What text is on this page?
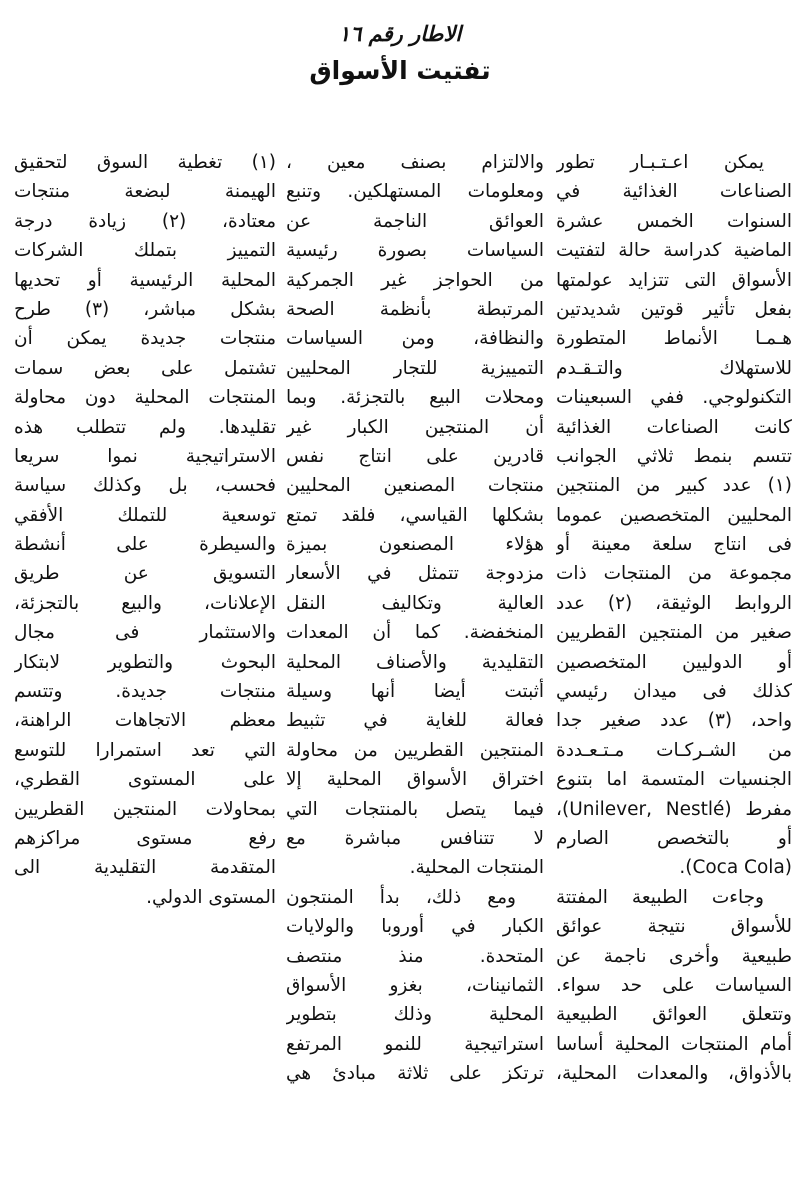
الاطار رقم ١٦
تفتيت الأسواق
يمكن اعـتـبـار تطور
الصناعات الغذائية في
السنوات الخمس عشرة
الماضية كدراسة حالة لتفتيت
الأسواق التى تتزايد عولمتها
بفعل تأثير قوتين شديدتين
هـمـا الأنماط المتطورة
للاستهلاك والتـقـدم
التكنولوجي. ففي السبعينات
كانت الصناعات الغذائية
تتسم بنمط ثلاثي الجوانب
(١) عدد كبير من المنتجين
المحليين المتخصصين عموما
فى انتاج سلعة معينة أو
مجموعة من المنتجات ذات
الروابط الوثيقة، (٢) عدد
صغير من المنتجين القطريين
أو الدوليين المتخصصين
كذلك فى ميدان رئيسي
واحد، (٣) عدد صغير جدا
من الشـركـات مـتـعـددة
الجنسيات المتسمة اما بتنوع
مفرط (Unilever, Nestlé)،
أو بالتخصص الصارم
(Coca Cola).
وجاءت الطبيعة المفتتة
للأسواق نتيجة عوائق
طبيعية وأخرى ناجمة عن
السياسات على حد سواء.
وتتعلق العوائق الطبيعية
أمام المنتجات المحلية أساسا
بالأذواق، والمعدات المحلية،
والالتزام بصنف معين ،
ومعلومات المستهلكين. وتنبع
العوائق الناجمة عن
السياسات بصورة رئيسية
من الحواجز غير الجمركية
المرتبطة بأنظمة الصحة
والنظافة، ومن السياسات
التمييزية للتجار المحليين
ومحلات البيع بالتجزئة. وبما
أن المنتجين الكبار غير
قادرين على انتاج نفس
منتجات المصنعين المحليين
بشكلها القياسي، فلقد تمتع
هؤلاء المصنعون بميزة
مزدوجة تتمثل في الأسعار
العالية وتكاليف النقل
المنخفضة. كما أن المعدات
التقليدية والأصناف المحلية
أثبتت أيضا أنها وسيلة
فعالة للغاية في تثبيط
المنتجين القطريين من محاولة
اختراق الأسواق المحلية إلا
فيما يتصل بالمنتجات التي
لا تتنافس مباشرة مع
المنتجات المحلية.
ومع ذلك، بدأ المنتجون
الكبار في أوروبا والولايات
المتحدة. منذ منتصف
الثمانينات، بغزو الأسواق
المحلية وذلك بتطوير
استراتيجية للنمو المرتفع
ترتكز على ثلاثة مبادئ هي
(١) تغطية السوق لتحقيق
الهيمنة لبضعة منتجات
معتادة، (٢) زيادة درجة
التمييز بتملك الشركات
المحلية الرئيسية أو تحديها
بشكل مباشر، (٣) طرح
منتجات جديدة يمكن أن
تشتمل على بعض سمات
المنتجات المحلية دون محاولة
تقليدها. ولم تتطلب هذه
الاستراتيجية نموا سريعا
فحسب، بل وكذلك سياسة
توسعية للتملك الأفقي
والسيطرة على أنشطة
التسويق عن طريق
الإعلانات، والبيع بالتجزئة،
والاستثمار فى مجال
البحوث والتطوير لابتكار
منتجات جديدة. وتتسم
معظم الاتجاهات الراهنة،
التي تعد استمرارا للتوسع
على المستوى القطري،
بمحاولات المنتجين القطريين
رفع مستوى مراكزهم
المتقدمة التقليدية الى
المستوى الدولي.
